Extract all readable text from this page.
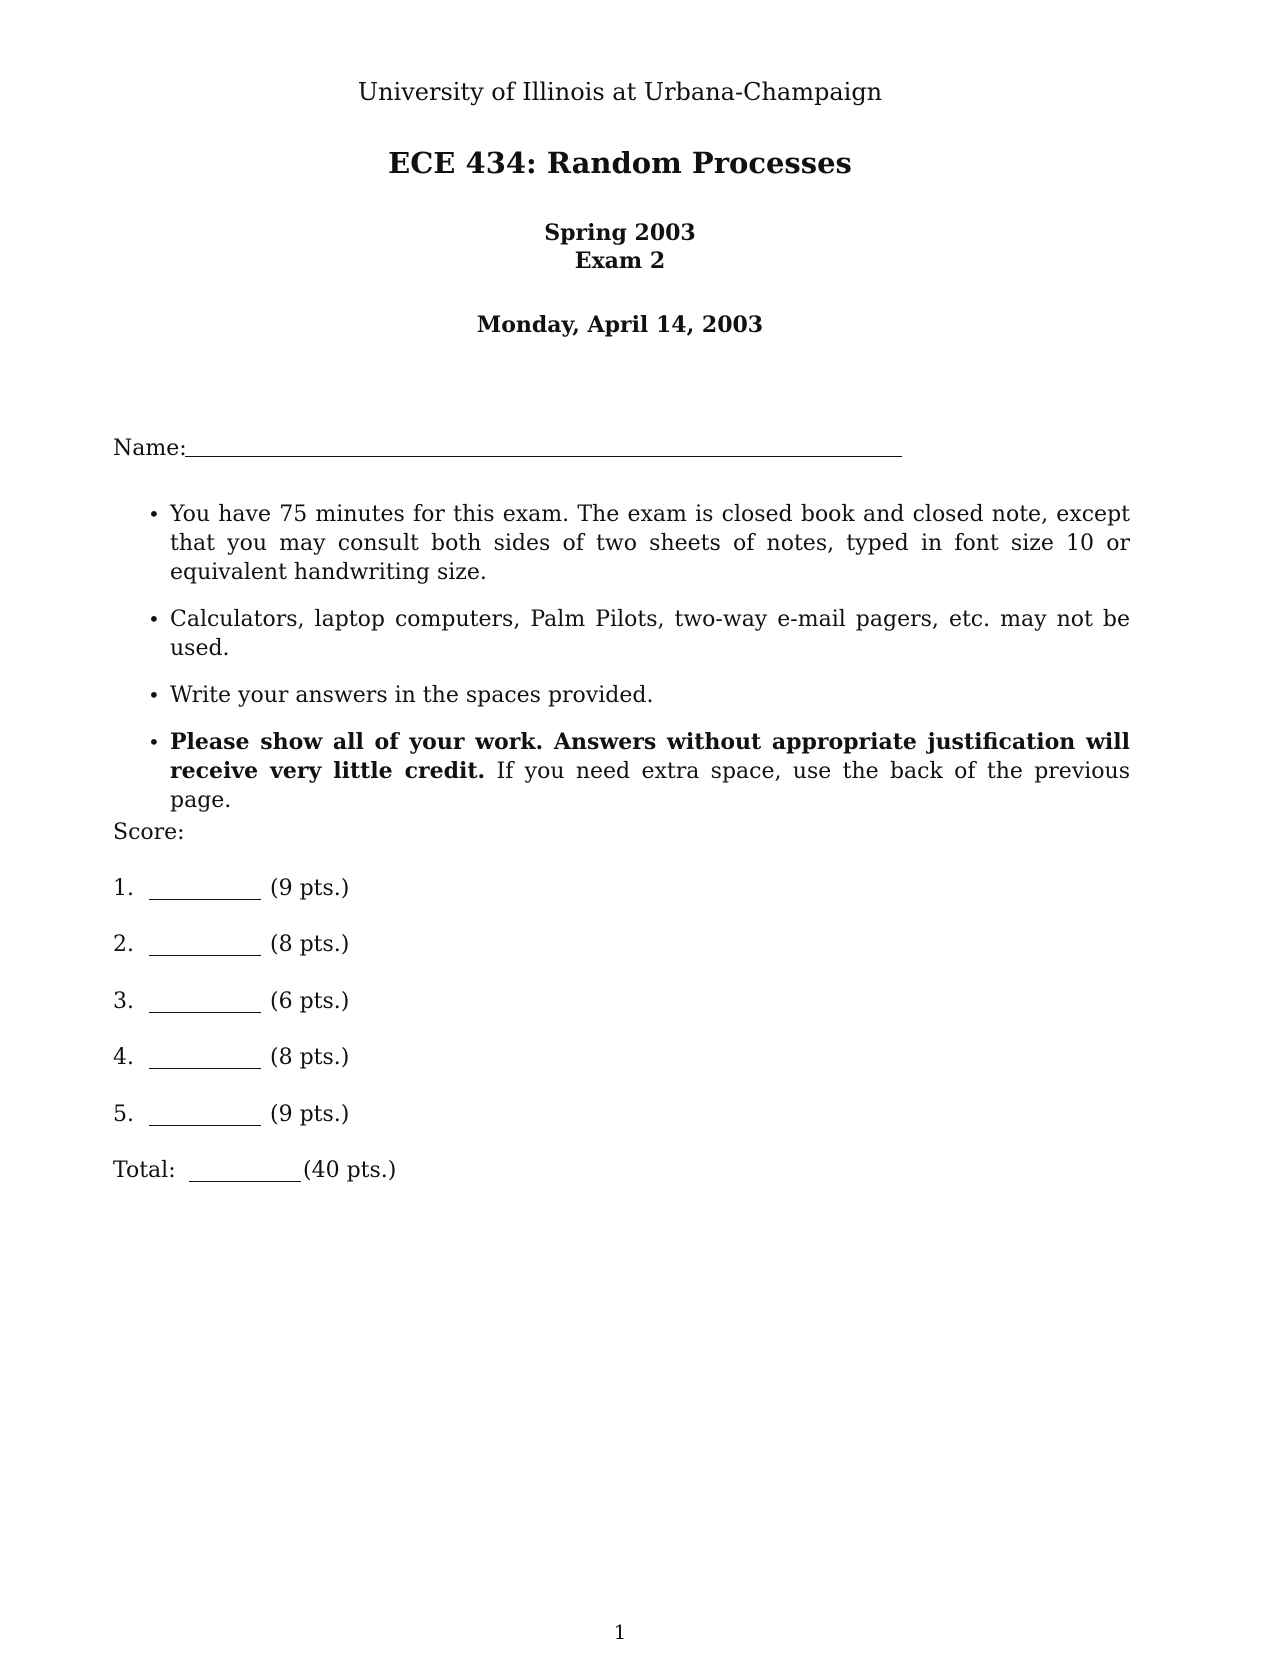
University of Illinois at Urbana-Champaign
ECE 434: Random Processes
Spring 2003
Exam 2
Monday, April 14, 2003
Name:
• You have 75 minutes for this exam. The exam is closed book and closed note, except that you may consult both sides of two sheets of notes, typed in font size 10 or equivalent handwriting size.
• Calculators, laptop computers, Palm Pilots, two-way e-mail pagers, etc. may not be used.
• Write your answers in the spaces provided.
• Please show all of your work. Answers without appropriate justification will receive very little credit. If you need extra space, use the back of the previous page.
Score:
1.	(9 pts.)
2.	(8 pts.)
3.	(6 pts.)
4.	(8 pts.)
5.	(9 pts.)
Total:	(40 pts.)
1
